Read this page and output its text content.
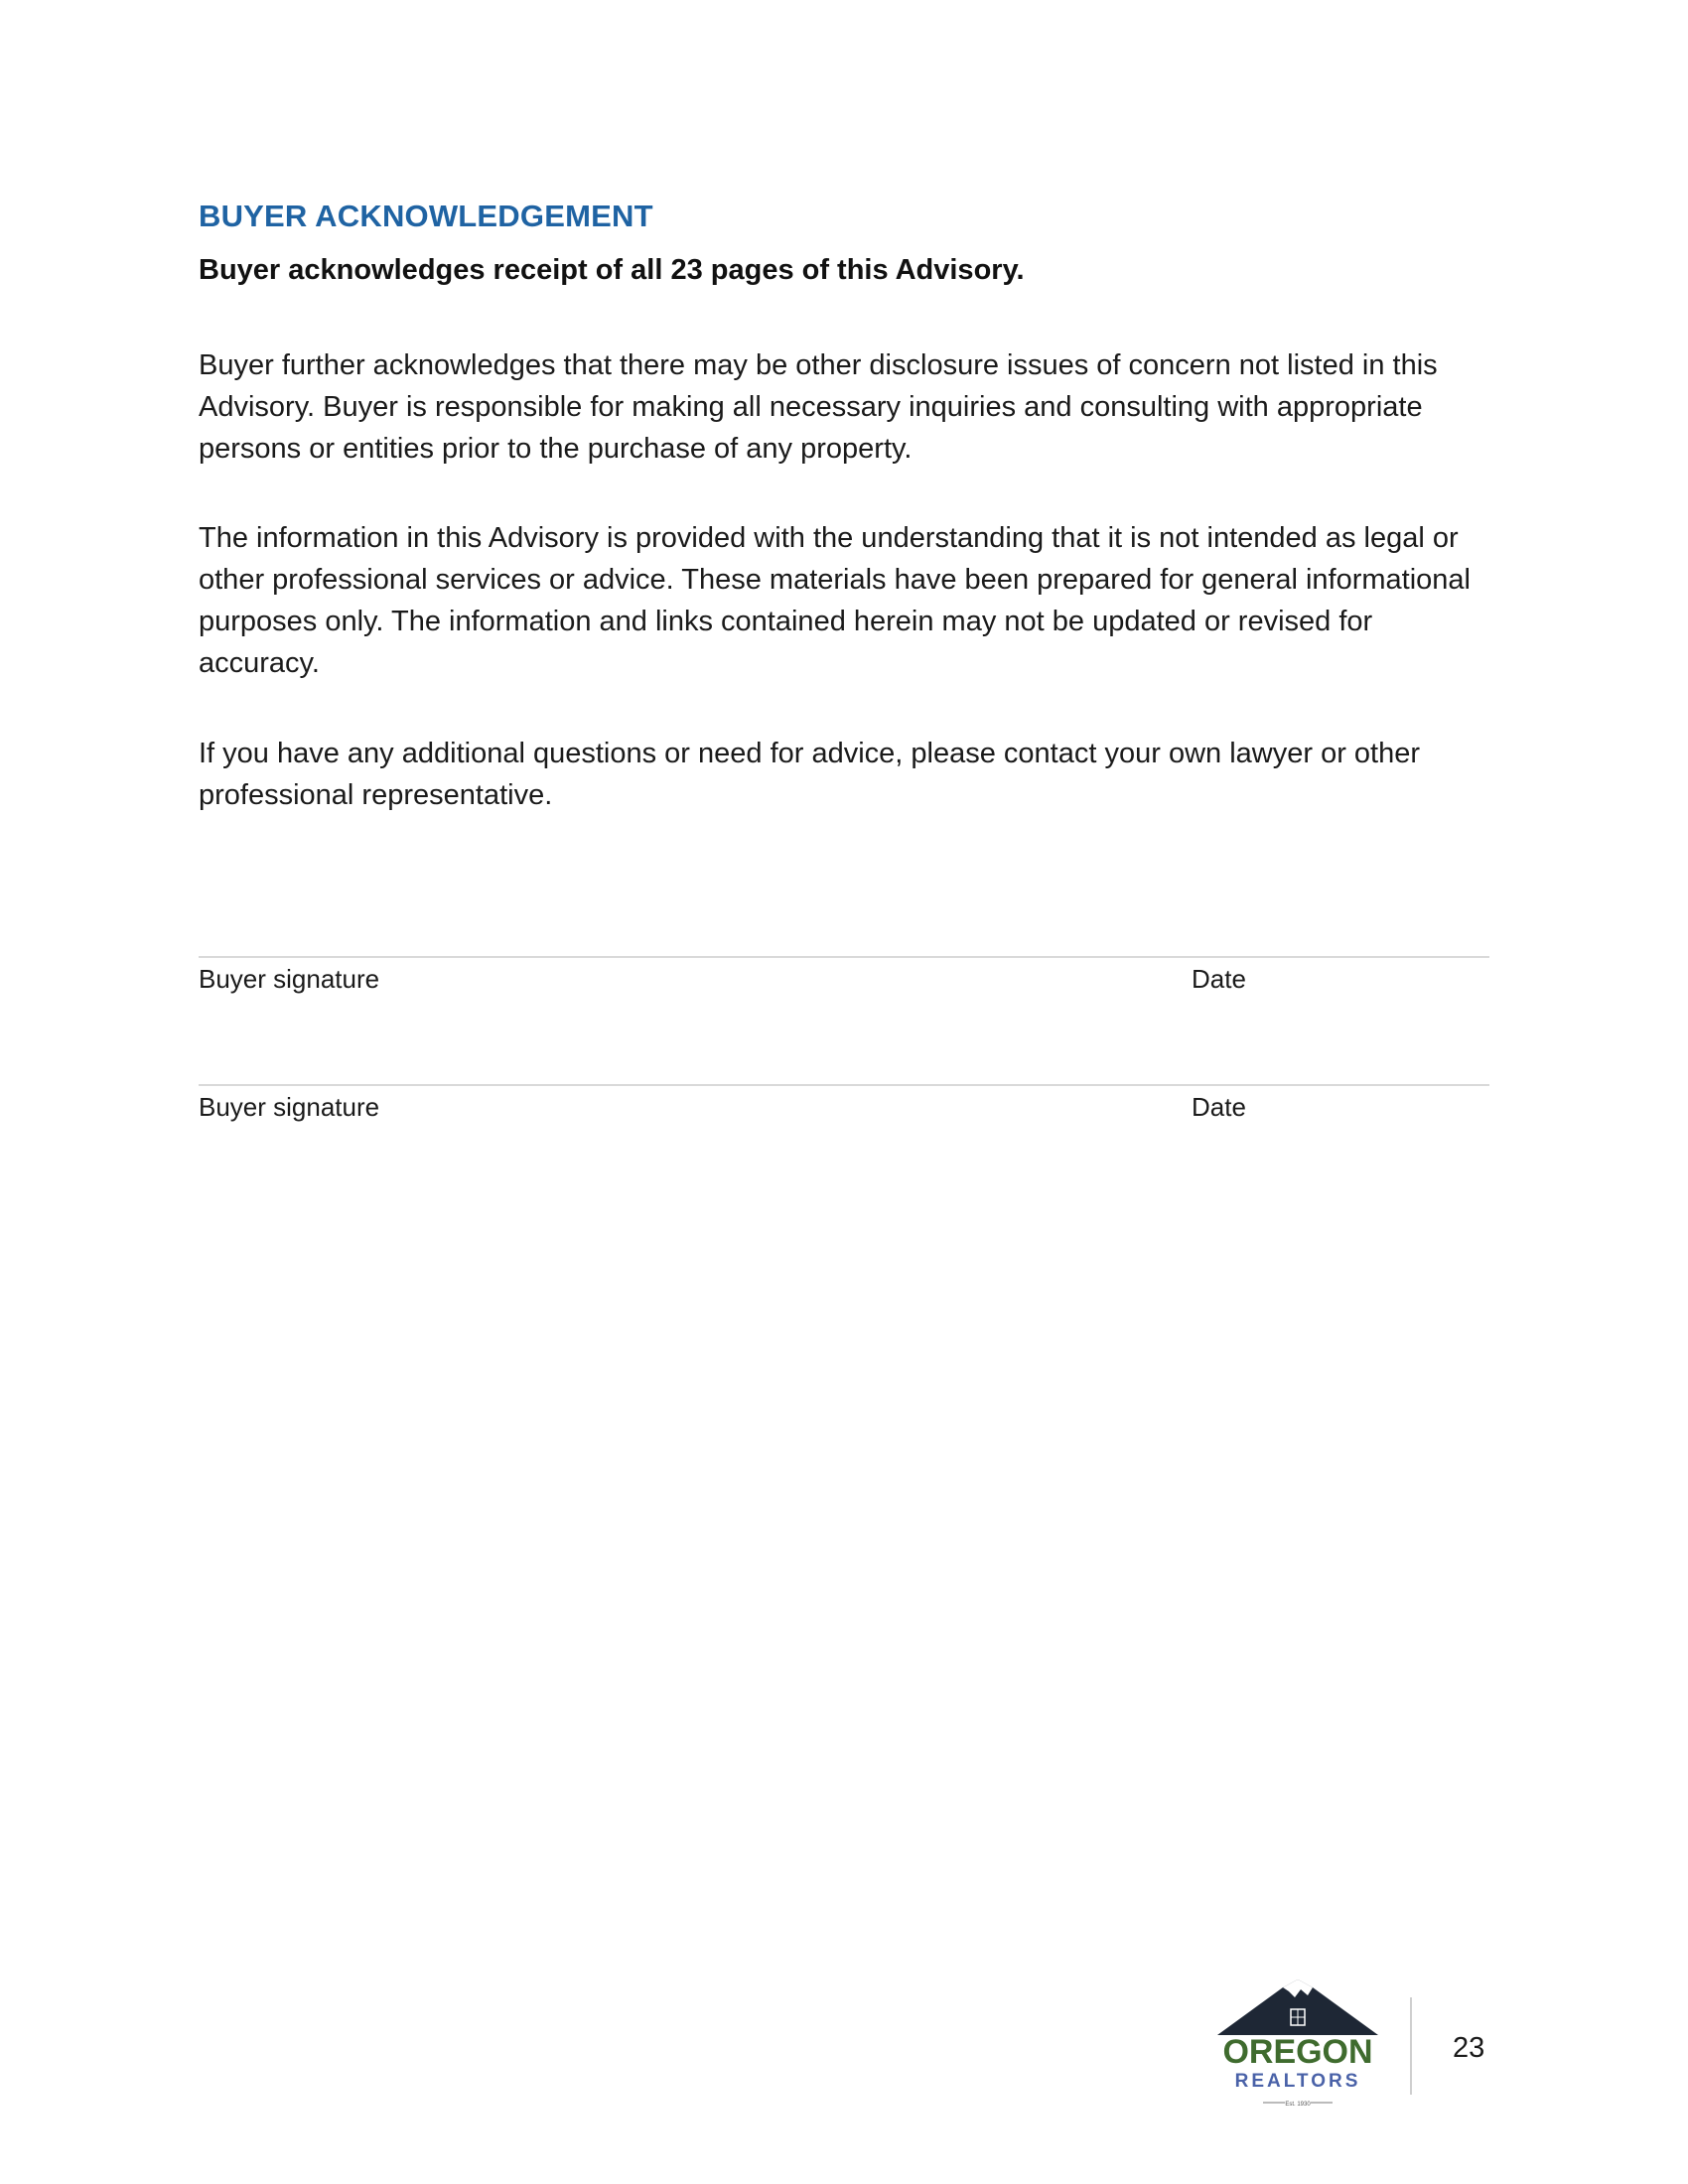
BUYER ACKNOWLEDGEMENT

Buyer acknowledges receipt of all 23 pages of this Advisory.

Buyer further acknowledges that there may be other disclosure issues of concern not listed in this Advisory. Buyer is responsible for making all necessary inquiries and consulting with appropriate persons or entities prior to the purchase of any property.

The information in this Advisory is provided with the understanding that it is not intended as legal or other professional services or advice. These materials have been prepared for general informational purposes only. The information and links contained herein may not be updated or revised for accuracy.

If you have any additional questions or need for advice, please contact your own lawyer or other professional representative.

Buyer signature	Date
Buyer signature	Date
OREGON
REALTORS
Est. 1930
23
